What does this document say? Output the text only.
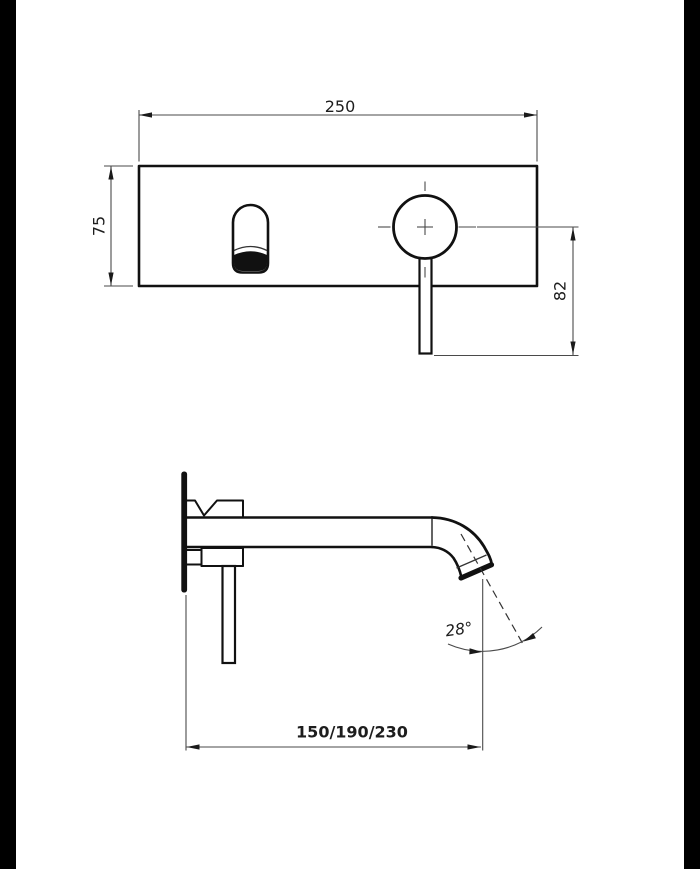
250
75
82
28°
150/190/230
